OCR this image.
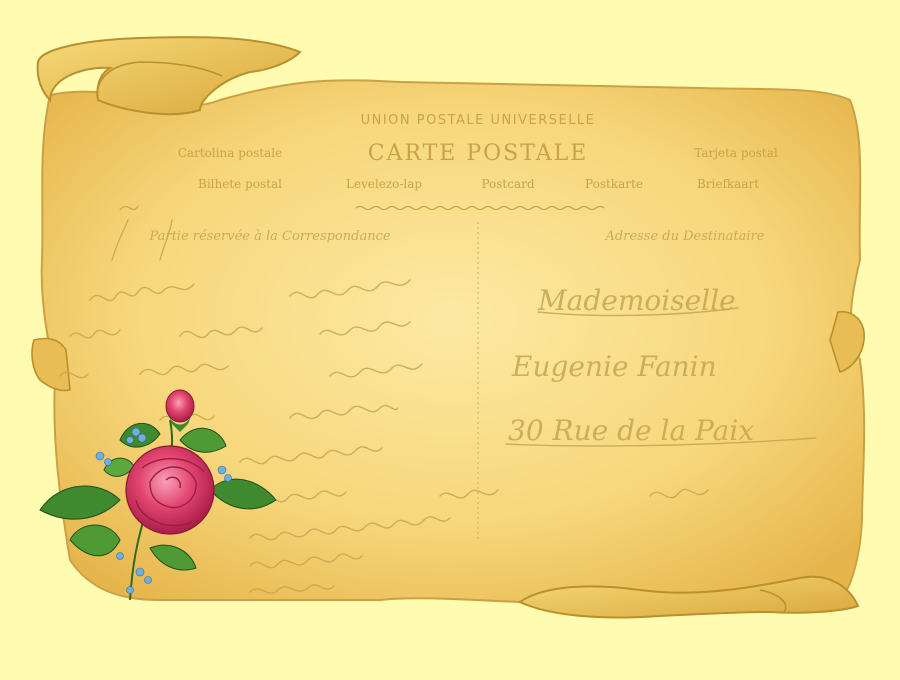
UNION POSTALE UNIVERSELLE
CARTE POSTALE
Cartolina postale	Tarjeta postal
Bilhete postal	Levelezo-lap	Postcard	Postkarte	Briefkaart
Partie réservée à la Correspondance	Adresse du Destinataire
Mademoiselle
Eugenie Fanin
30 Rue de la Paix
